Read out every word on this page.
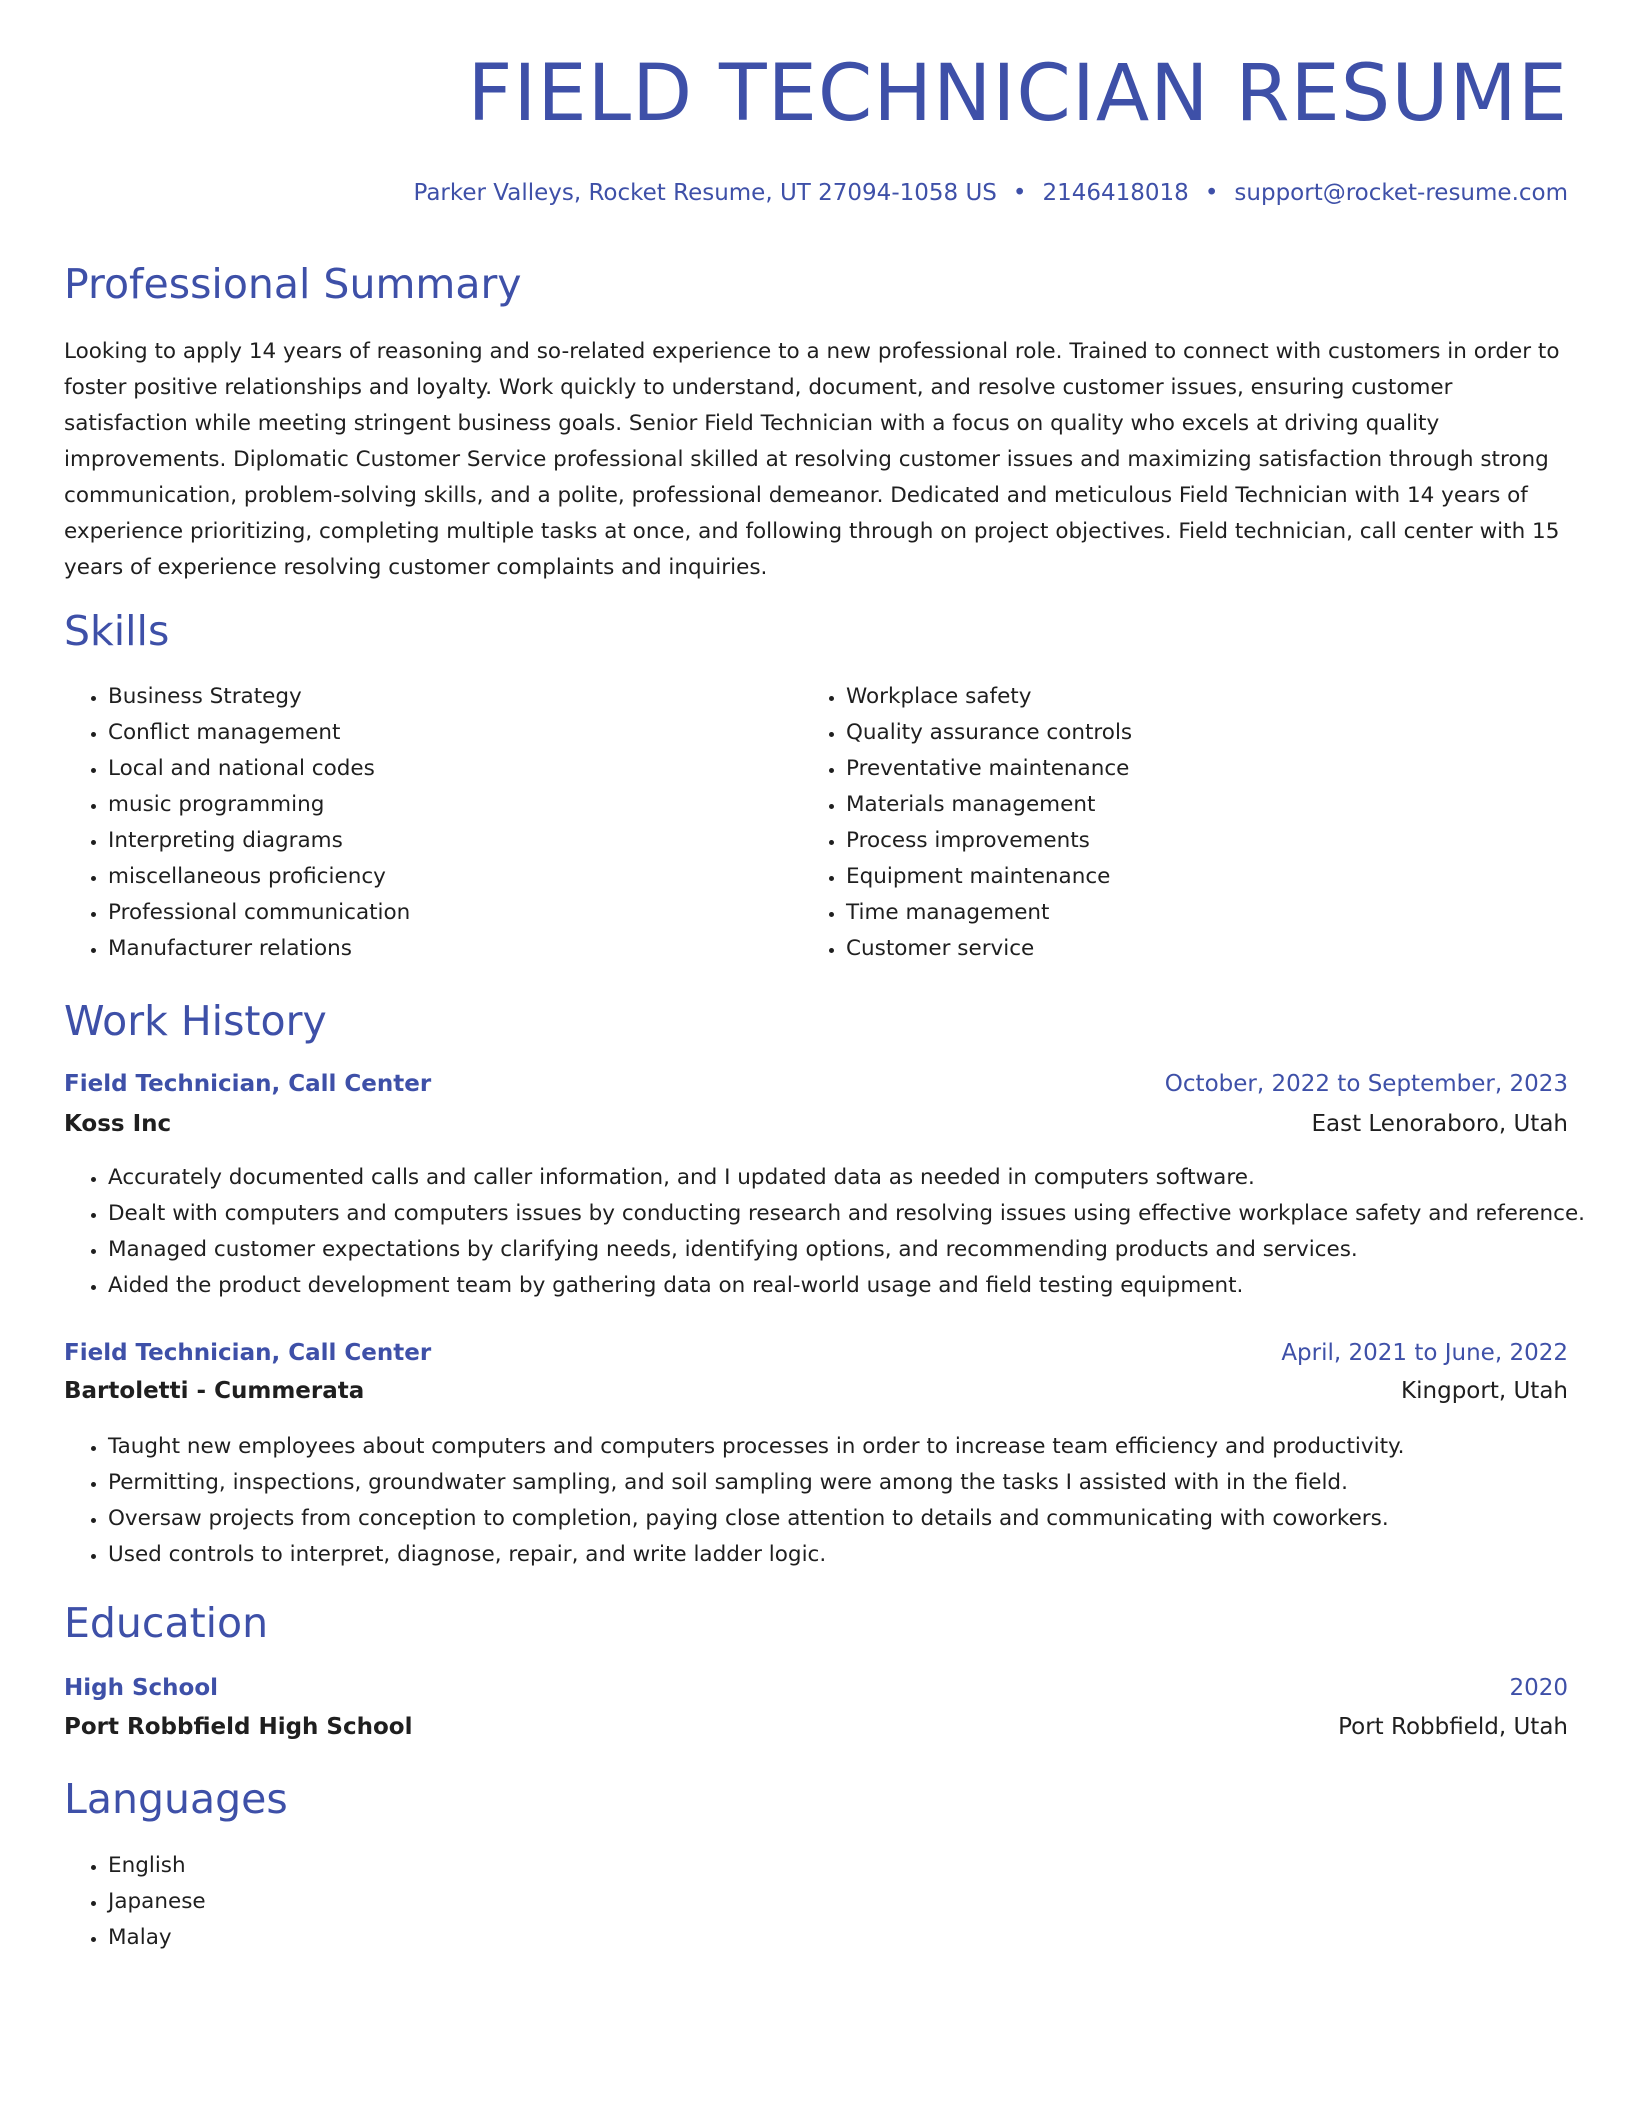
FIELD TECHNICIAN RESUME
Parker Valleys, Rocket Resume, UT 27094-1058 US • 2146418018 • support@rocket-resume.com
Professional Summary

Looking to apply 14 years of reasoning and so-related experience to a new professional role. Trained to connect with customers in order to foster positive relationships and loyalty. Work quickly to understand, document, and resolve customer issues, ensuring customer satisfaction while meeting stringent business goals. Senior Field Technician with a focus on quality who excels at driving quality improvements. Diplomatic Customer Service professional skilled at resolving customer issues and maximizing satisfaction through strong communication, problem-solving skills, and a polite, professional demeanor. Dedicated and meticulous Field Technician with 14 years of experience prioritizing, completing multiple tasks at once, and following through on project objectives. Field technician, call center with 15 years of experience resolving customer complaints and inquiries.

Skills
• Business Strategy
• Conflict management
• Local and national codes
• music programming
• Interpreting diagrams
• miscellaneous proficiency
• Professional communication
• Manufacturer relations
• Workplace safety
• Quality assurance controls
• Preventative maintenance
• Materials management
• Process improvements
• Equipment maintenance
• Time management
• Customer service
Work History
Field Technician, Call Center	October, 2022 to September, 2023
Koss Inc	East Lenoraboro, Utah
• Accurately documented calls and caller information, and I updated data as needed in computers software.
• Dealt with computers and computers issues by conducting research and resolving issues using effective workplace safety and reference.
• Managed customer expectations by clarifying needs, identifying options, and recommending products and services.
• Aided the product development team by gathering data on real-world usage and field testing equipment.
Field Technician, Call Center	April, 2021 to June, 2022
Bartoletti - Cummerata	Kingport, Utah
• Taught new employees about computers and computers processes in order to increase team efficiency and productivity.
• Permitting, inspections, groundwater sampling, and soil sampling were among the tasks I assisted with in the field.
• Oversaw projects from conception to completion, paying close attention to details and communicating with coworkers.
• Used controls to interpret, diagnose, repair, and write ladder logic.
Education
High School	2020
Port Robbfield High School	Port Robbfield, Utah
Languages
• English
• Japanese
• Malay
